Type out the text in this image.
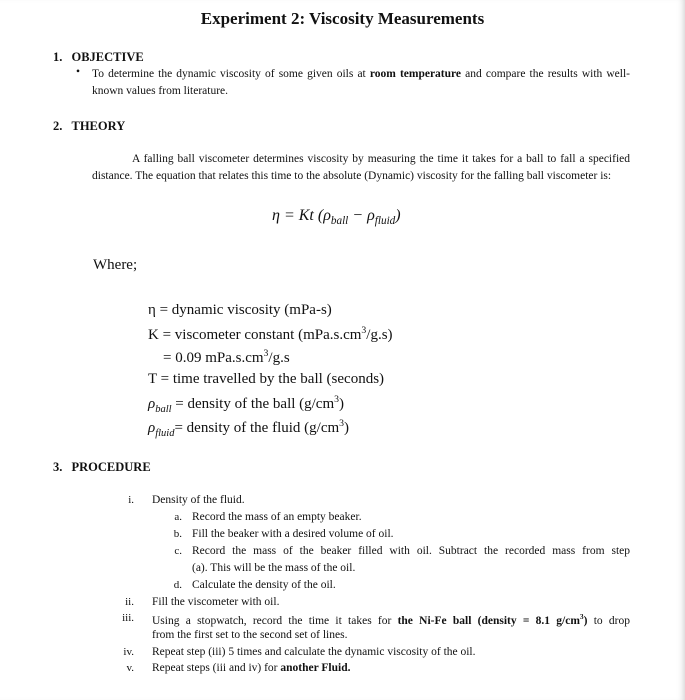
Experiment 2: Viscosity Measurements
1. OBJECTIVE
• To determine the dynamic viscosity of some given oils at room temperature and compare the results with well-known values from literature.
2. THEORY
A falling ball viscometer determines viscosity by measuring the time it takes for a ball to fall a specified distance. The equation that relates this time to the absolute (Dynamic) viscosity for the falling ball viscometer is:
η = Kt $(\rho_{ball} - \rho_{fluid})$
Where;
η = dynamic viscosity (mPa-s)
K = viscometer constant $(mPa.s.cm^3/g.s)$
= 0.09 $mPa.s.cm^3/g.s$
T = time travelled by the ball (seconds)
$\rho_{ball}$ = density of the ball $(g/cm^3)$
$\rho_{fluid}=$ density of the fluid $(g/cm^3)$
3. PROCEDURE
i. Density of the fluid.
a. Record the mass of an empty beaker.
b. Fill the beaker with a desired volume of oil.
c. Record the mass of the beaker filled with oil. Subtract the recorded mass from step
(a). This will be the mass of the oil.
d. Calculate the density of the oil.
ii. Fill the viscometer with oil.
iii. Using a stopwatch, record the time it takes for the Ni-Fe ball (density = 8.1 $g/cm^3$) to drop
from the first set to the second set of lines.
iv. Repeat step (iii) 5 times and calculate the dynamic viscosity of the oil.
v. Repeat steps (iii and iv) for another Fluid.
